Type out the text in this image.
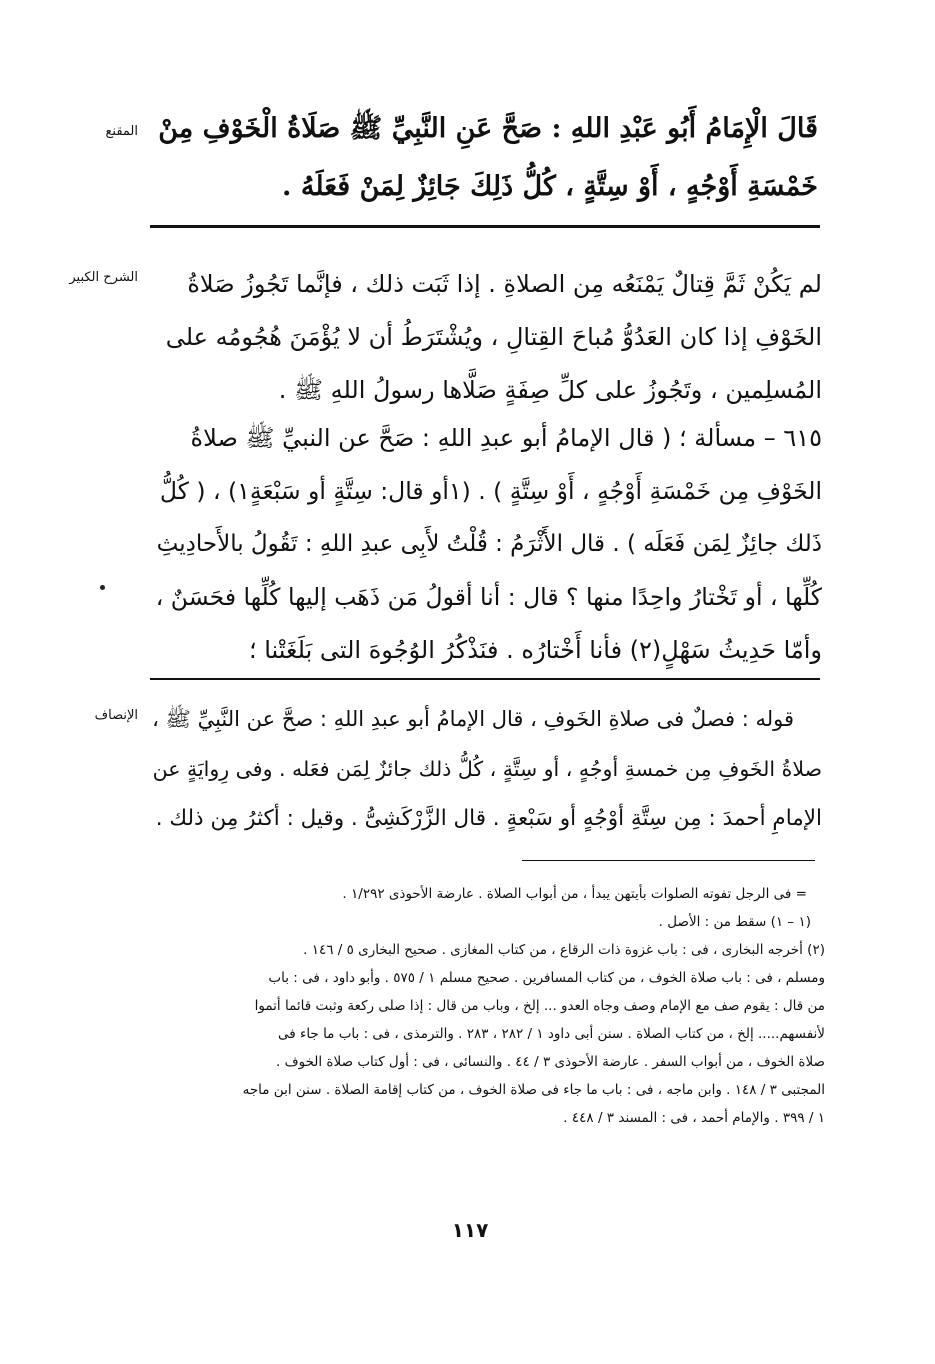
المقنع قَالَ الْإِمَامُ أَبُو عَبْدِ اللهِ : صَحَّ عَنِ النَّبِيِّ ﷺ صَلَاةُ الْخَوْفِ مِنْ
خَمْسَةِ أَوْجُهٍ ، أَوْ سِتَّةٍ ، كُلُّ ذَلِكَ جَائِزٌ لِمَنْ فَعَلَهُ .
الشرح الكبير	لم يَكُنْ ثَمَّ قِتالٌ يَمْنَعُه مِن الصلاةِ . إذا ثَبَت ذلك ، فإنَّما تَجُوزُ صَلاةُ
الخَوْفِ إذا كان العَدُوُّ مُباحَ القِتالِ ، ويُشْتَرَطُ أن لا يُؤْمَنَ هُجُومُه على
المُسلِمين ، وتَجُوزُ على كلِّ صِفَةٍ صَلَّاها رسولُ اللهِ ﷺ .
٦١٥ – مسألة ؛ ( قال الإمامُ أبو عبدِ اللهِ : صَحَّ عن النبيِّ ﷺ صلاةُ
الخَوْفِ مِن خَمْسَةِ أَوْجُهٍ ، أَوْ سِتَّةٍ ) . (١أو قال: سِتَّةٍ أو سَبْعَةٍ١) ، ( كُلُّ
ذَلك جائِزٌ لِمَن فَعَلَه ) . قال الأَثْرَمُ : قُلْتُ لأَبِى عبدِ اللهِ : تَقُولُ بالأَحادِيثِ
كُلِّها ، أو تَخْتارُ واحِدًا منها ؟ قال : أنا أقولُ مَن ذَهَب إليها كُلِّها فحَسَنٌ ،
وأمّا حَدِيثُ سَهْلٍ(٢) فأنا أَخْتارُه . فنَذْكُرُ الوُجُوهَ التى بَلَغَتْنا ؛
الإنصاف قوله : فصلٌ فى صلاةِ الخَوفِ ، قال الإمامُ أبو عبدِ اللهِ : صحَّ عن النَّبِيِّ ﷺ ،
صلاةُ الخَوفِ مِن خمسةِ أوجُهٍ ، أو سِتَّةٍ ، كُلُّ ذلك جائزٌ لِمَن فعَله . وفى رِوايَةٍ عن
الإمامِ أحمدَ : مِن سِتَّةِ أوْجُهٍ أو سَبْعةٍ . قال الزَّرْكَشِىُّ . وقيل : أكثرُ مِن ذلك .
= فى الرجل تفوته الصلوات بأيتهن يبدأ ، من أبواب الصلاة . عارضة الأحوذى ١/٢٩٢ .
(١ – ١) سقط من : الأصل .
(٢) أخرجه البخارى ، فى : باب غزوة ذات الرقاع ، من كتاب المغازى . صحيح البخارى ٥ / ١٤٦ .
ومسلم ، فى : باب صلاة الخوف ، من كتاب المسافرين . صحيح مسلم ١ / ٥٧٥ . وأبو داود ، فى : باب
من قال : يقوم صف مع الإمام وصف وجاه العدو ... إلخ ، وباب من قال : إذا صلى ركعة وثبت قائما أتموا
لأنفسهم..... إلخ ، من كتاب الصلاة . سنن أبى داود ١ / ٢٨٢ ، ٢٨٣ . والترمذى ، فى : باب ما جاء فى
صلاة الخوف ، من أبواب السفر . عارضة الأحوذى ٣ / ٤٤ . والنسائى ، فى : أول كتاب صلاة الخوف .
المجتبى ٣ / ١٤٨ . وابن ماجه ، فى : باب ما جاء فى صلاة الخوف ، من كتاب إقامة الصلاة . سنن ابن ماجه
١ / ٣٩٩ . والإمام أحمد ، فى : المسند ٣ / ٤٤٨ .
١١٧
